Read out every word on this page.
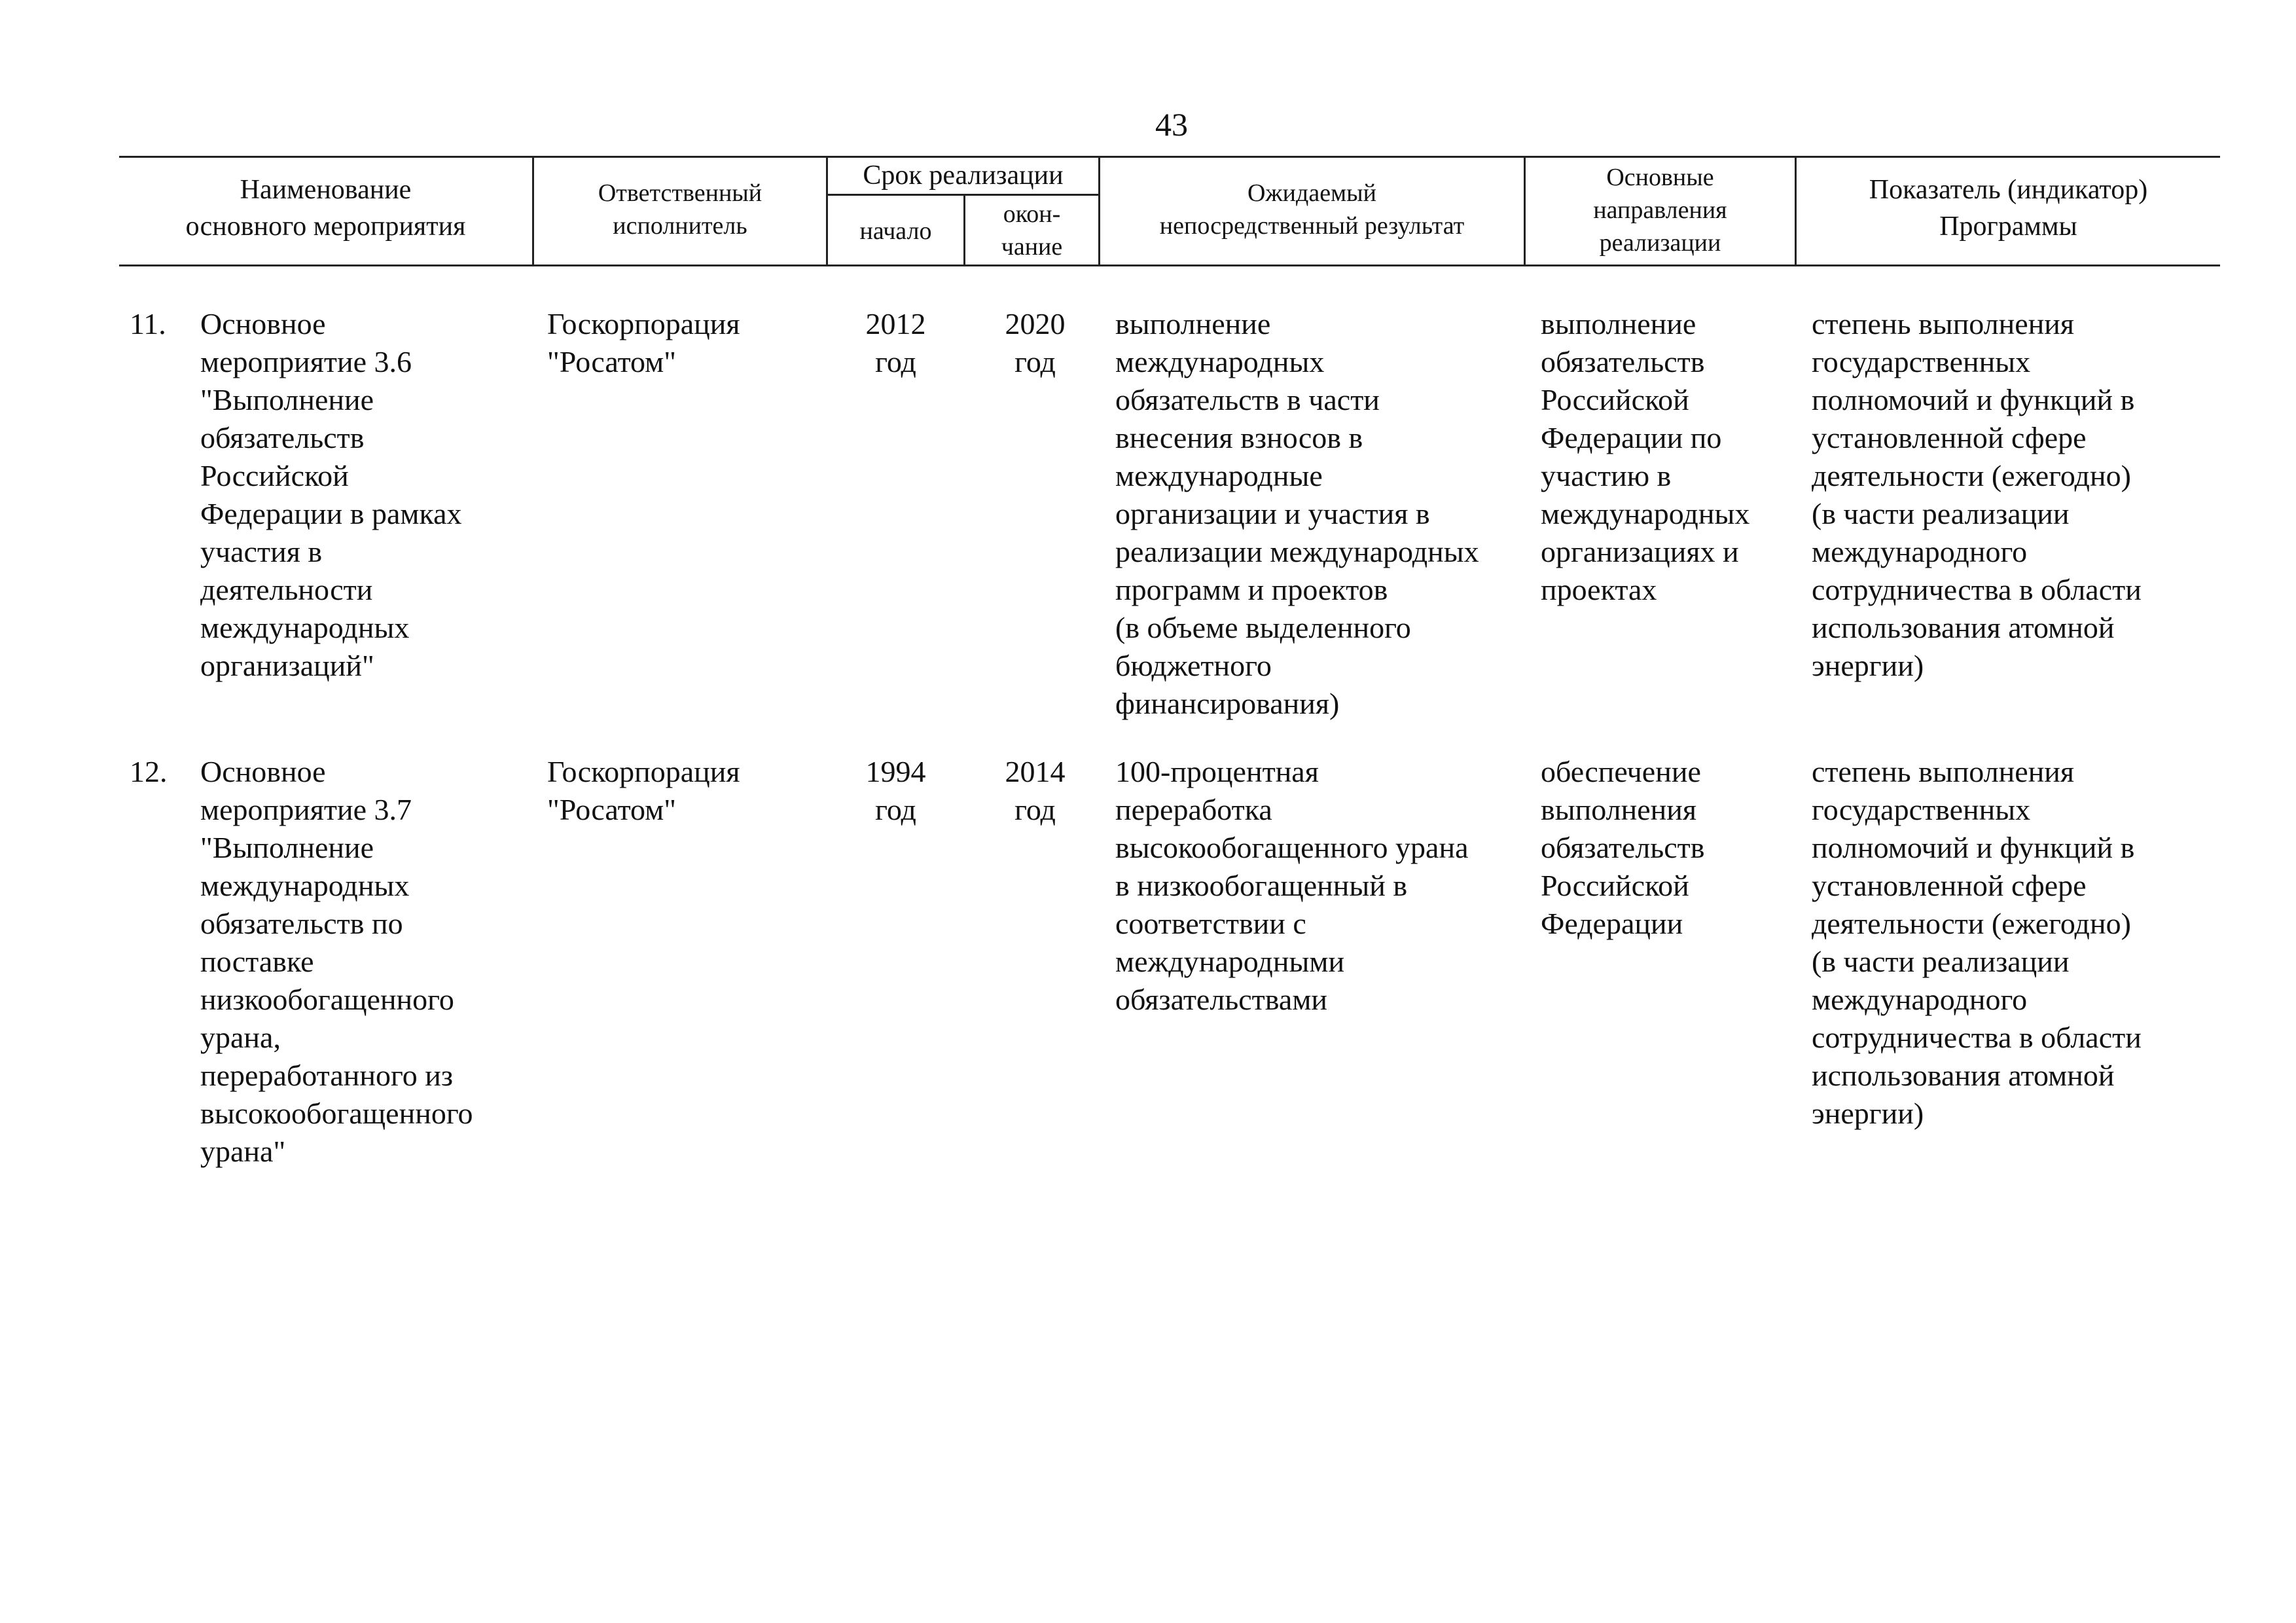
43
Наименование
основного мероприятия
Ответственный
исполнитель
Срок реализации
начало
окон-
чание
Ожидаемый
непосредственный результат
Основные
направления
реализации
Показатель (индикатор)
Программы
11.	Основное
мероприятие 3.6
"Выполнение
обязательств
Российской
Федерации в рамках
участия в
деятельности
международных
организаций"
Госкорпорация
"Росатом"
2012
год
2020
год
выполнение
международных
обязательств в части
внесения взносов в
международные
организации и участия в
реализации международных
программ и проектов
(в объеме выделенного
бюджетного
финансирования)
выполнение
обязательств
Российской
Федерации по
участию в
международных
организациях и
проектах
степень выполнения
государственных
полномочий и функций в
установленной сфере
деятельности (ежегодно)
(в части реализации
международного
сотрудничества в области
использования атомной
энергии)
12.	Основное
мероприятие 3.7
"Выполнение
международных
обязательств по
поставке
низкообогащенного
урана,
переработанного из
высокообогащенного
урана"
Госкорпорация
"Росатом"
1994
год
2014
год
100-процентная
переработка
высокообогащенного урана
в низкообогащенный в
соответствии с
международными
обязательствами
обеспечение
выполнения
обязательств
Российской
Федерации
степень выполнения
государственных
полномочий и функций в
установленной сфере
деятельности (ежегодно)
(в части реализации
международного
сотрудничества в области
использования атомной
энергии)
